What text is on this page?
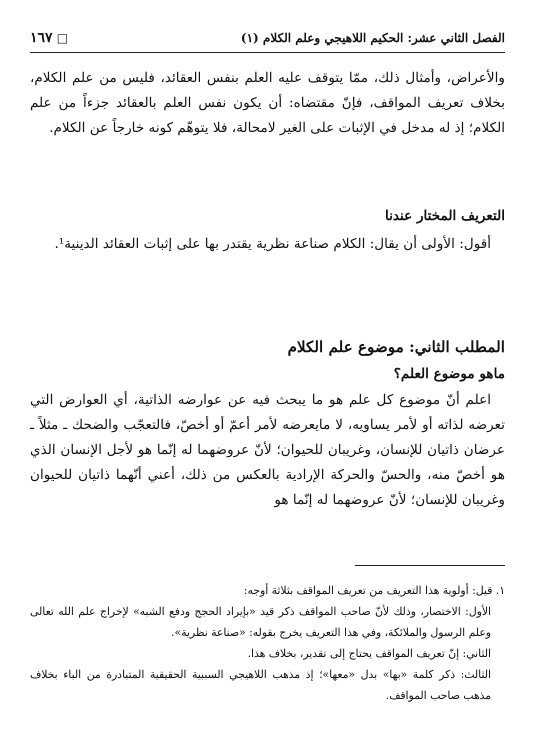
الفصل الثاني عشر: الحكيم اللاهيجي وعلم الكلام (١)
□ ١٦٧

والأعراض، وأمثال ذلك، ممّا يتوقف عليه العلم بنفس العقائد، فليس من علم الكلام، بخلاف تعريف المواقف، فإنّ مقتضاه: أن يكون نفس العلم بالعقائد جزءاً من علم الكلام؛ إذ له مدخل في الإثبات على الغير لامحالة، فلا يتوهّم كونه خارجاً عن الكلام.

التعريف المختار عندنا

أقول: الأولى أن يقال: الكلام صناعة نظرية يقتدر بها على إثبات العقائد الدينية¹.

المطلب الثاني: موضوع علم الكلام
ماهو موضوع العلم؟

اعلم أنّ موضوع كل علم هو ما يبحث فيه عن عوارضه الذاتية، أي العوارض التي تعرضه لذاته أو لأمر يساويه، لا مايعرضه لأمر أعمّ أو أخصّ، فالتعجّب والضحك ـ مثلاً ـ عرضان ذاتيان للإنسان، وغريبان للحيوان؛ لأنّ عروضهما له إنّما هو لأجل الإنسان الذي هو أخصّ منه، والحسّ والحركة الإرادية بالعكس من ذلك، أعني أنّهما ذاتيان للحيوان وغريبان للإنسان؛ لأنّ عروضهما له إنّما هو

١. قيل: أولوية هذا التعريف من تعريف المواقف بثلاثة أوجه:

الأول: الاختصار، وذلك لأنّ صاحب المواقف ذكر قيد «بإيراد الحجج ودفع الشبه» لإخراج علم الله تعالى وعلم الرسول والملائكة، وفي هذا التعريف يخرج بقوله: «صناعة نظرية».

الثاني: إنّ تعريف المواقف يحتاج إلى تقدير، بخلاف هذا.

الثالث: ذكر كلمة «بها» بدل «معها»؛ إذ مذهب اللاهيجي السببية الحقيقية المتبادرة من الباء بخلاف مذهب صاحب المواقف.
